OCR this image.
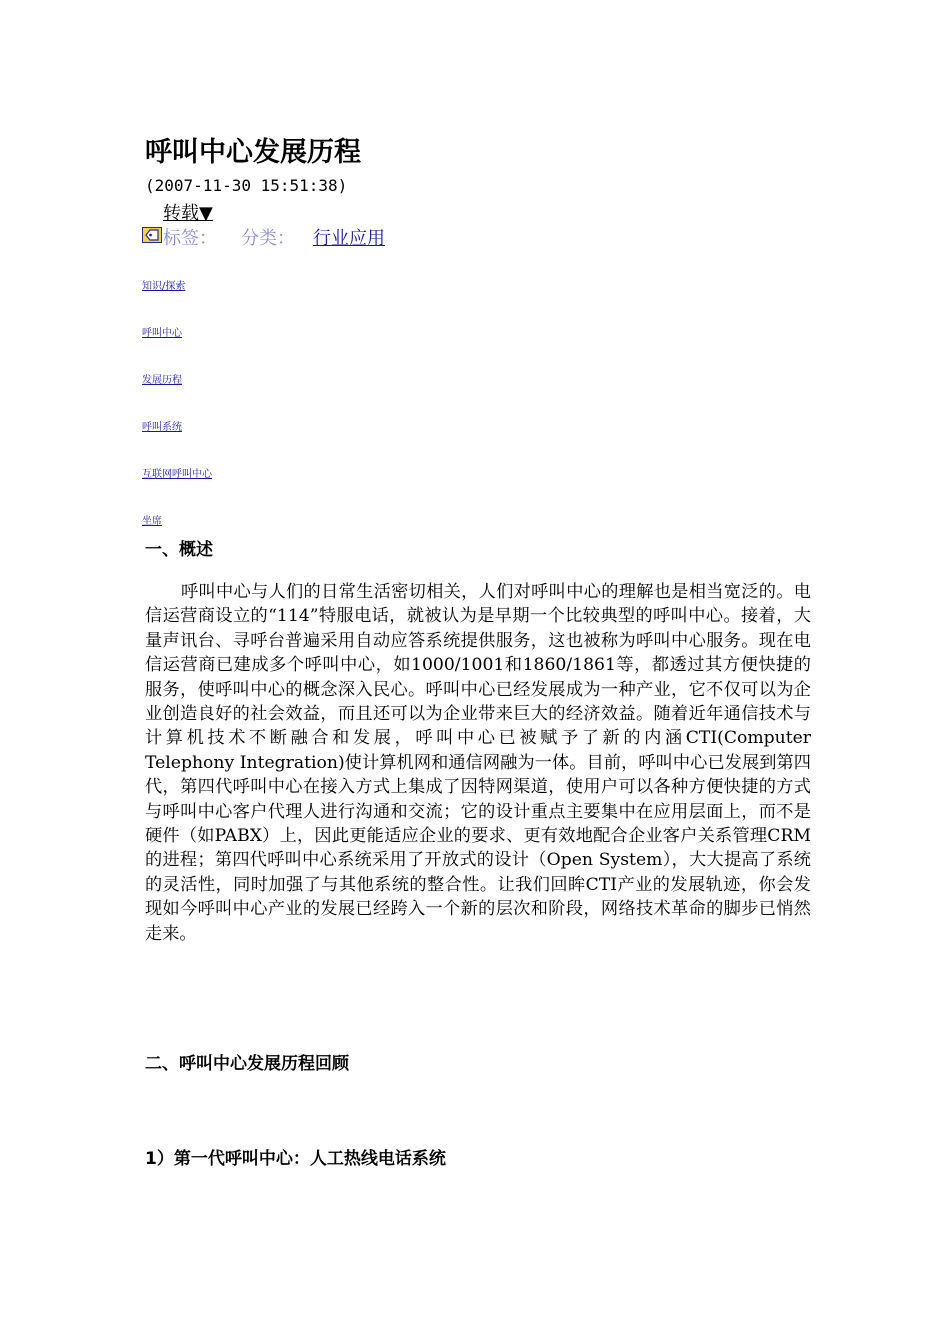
呼叫中心发展历程
(2007-11-30 15:51:38)
转载▼
标签： 分类： 行业应用
知识/探索
呼叫中心
发展历程
呼叫系统
互联网呼叫中心
坐席
一、概述

呼叫中心与人们的日常生活密切相关，人们对呼叫中心的理解也是相当宽泛的。电信运营商设立的“114”特服电话，就被认为是早期一个比较典型的呼叫中心。接着，大量声讯台、寻呼台普遍采用自动应答系统提供服务，这也被称为呼叫中心服务。现在电信运营商已建成多个呼叫中心，如1000/1001和1860/1861等，都透过其方便快捷的服务，使呼叫中心的概念深入民心。呼叫中心已经发展成为一种产业，它不仅可以为企业创造良好的社会效益，而且还可以为企业带来巨大的经济效益。随着近年通信技术与计算机技术不断融合和发展，呼叫中心已被赋予了新的内涵CTI(Computer Telephony Integration)使计算机网和通信网融为一体。目前，呼叫中心已发展到第四代，第四代呼叫中心在接入方式上集成了因特网渠道，使用户可以各种方便快捷的方式与呼叫中心客户代理人进行沟通和交流；它的设计重点主要集中在应用层面上，而不是硬件（如PABX）上，因此更能适应企业的要求、更有效地配合企业客户关系管理CRM的进程；第四代呼叫中心系统采用了开放式的设计（Open System），大大提高了系统的灵活性，同时加强了与其他系统的整合性。让我们回眸CTI产业的发展轨迹，你会发现如今呼叫中心产业的发展已经跨入一个新的层次和阶段，网络技术革命的脚步已悄然走来。

二、呼叫中心发展历程回顾
1）第一代呼叫中心：人工热线电话系统
